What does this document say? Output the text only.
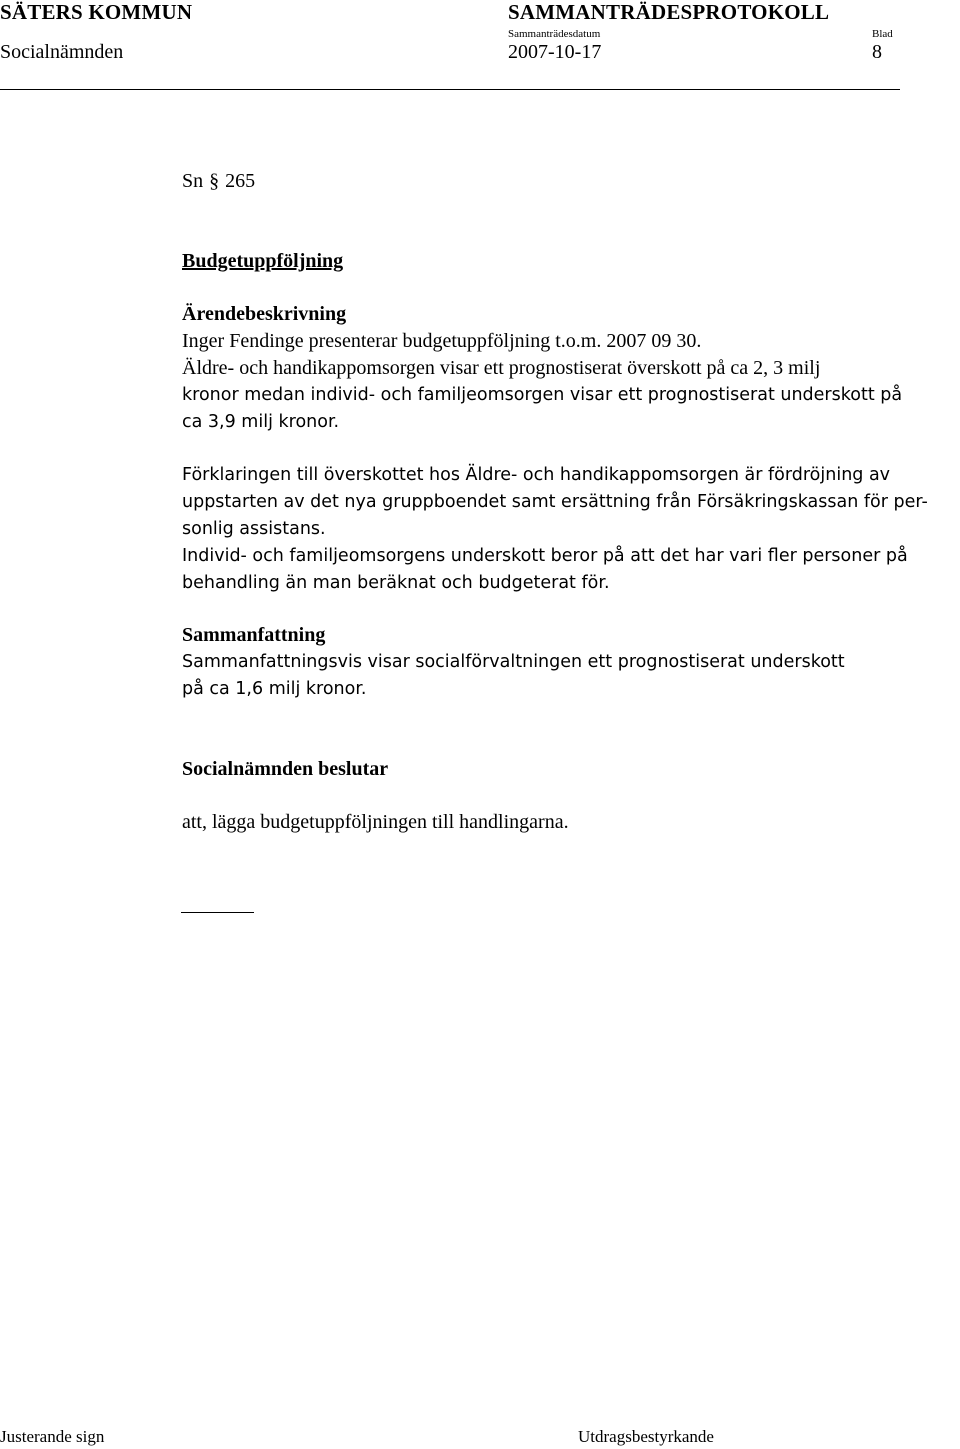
SÄTERS KOMMUN	SAMMANTRÄDESPROTOKOLL
Sammanträdesdatum	Blad
Socialnämnden	2007-10-17	8
Sn § 265
Budgetuppföljning
Ärendebeskrivning

Inger Fendinge presenterar budgetuppföljning t.o.m. 2007 09 30.

Äldre- och handikappomsorgen visar ett prognostiserat överskott på ca 2, 3 milj

kronor medan individ- och familjeomsorgen visar ett prognostiserat underskott på

ca 3,9 milj kronor.

Förklaringen till överskottet hos Äldre- och handikappomsorgen är fördröjning av

uppstarten av det nya gruppboendet samt ersättning från Försäkringskassan för per-

sonlig assistans.

Individ- och familjeomsorgens underskott beror på att det har vari fler personer på

behandling än man beräknat och budgeterat för.

Sammanfattning

Sammanfattningsvis visar socialförvaltningen ett prognostiserat underskott

på ca 1,6 milj kronor.

Socialnämnden beslutar
att, lägga budgetuppföljningen till handlingarna.
Justerande sign	Utdragsbestyrkande
